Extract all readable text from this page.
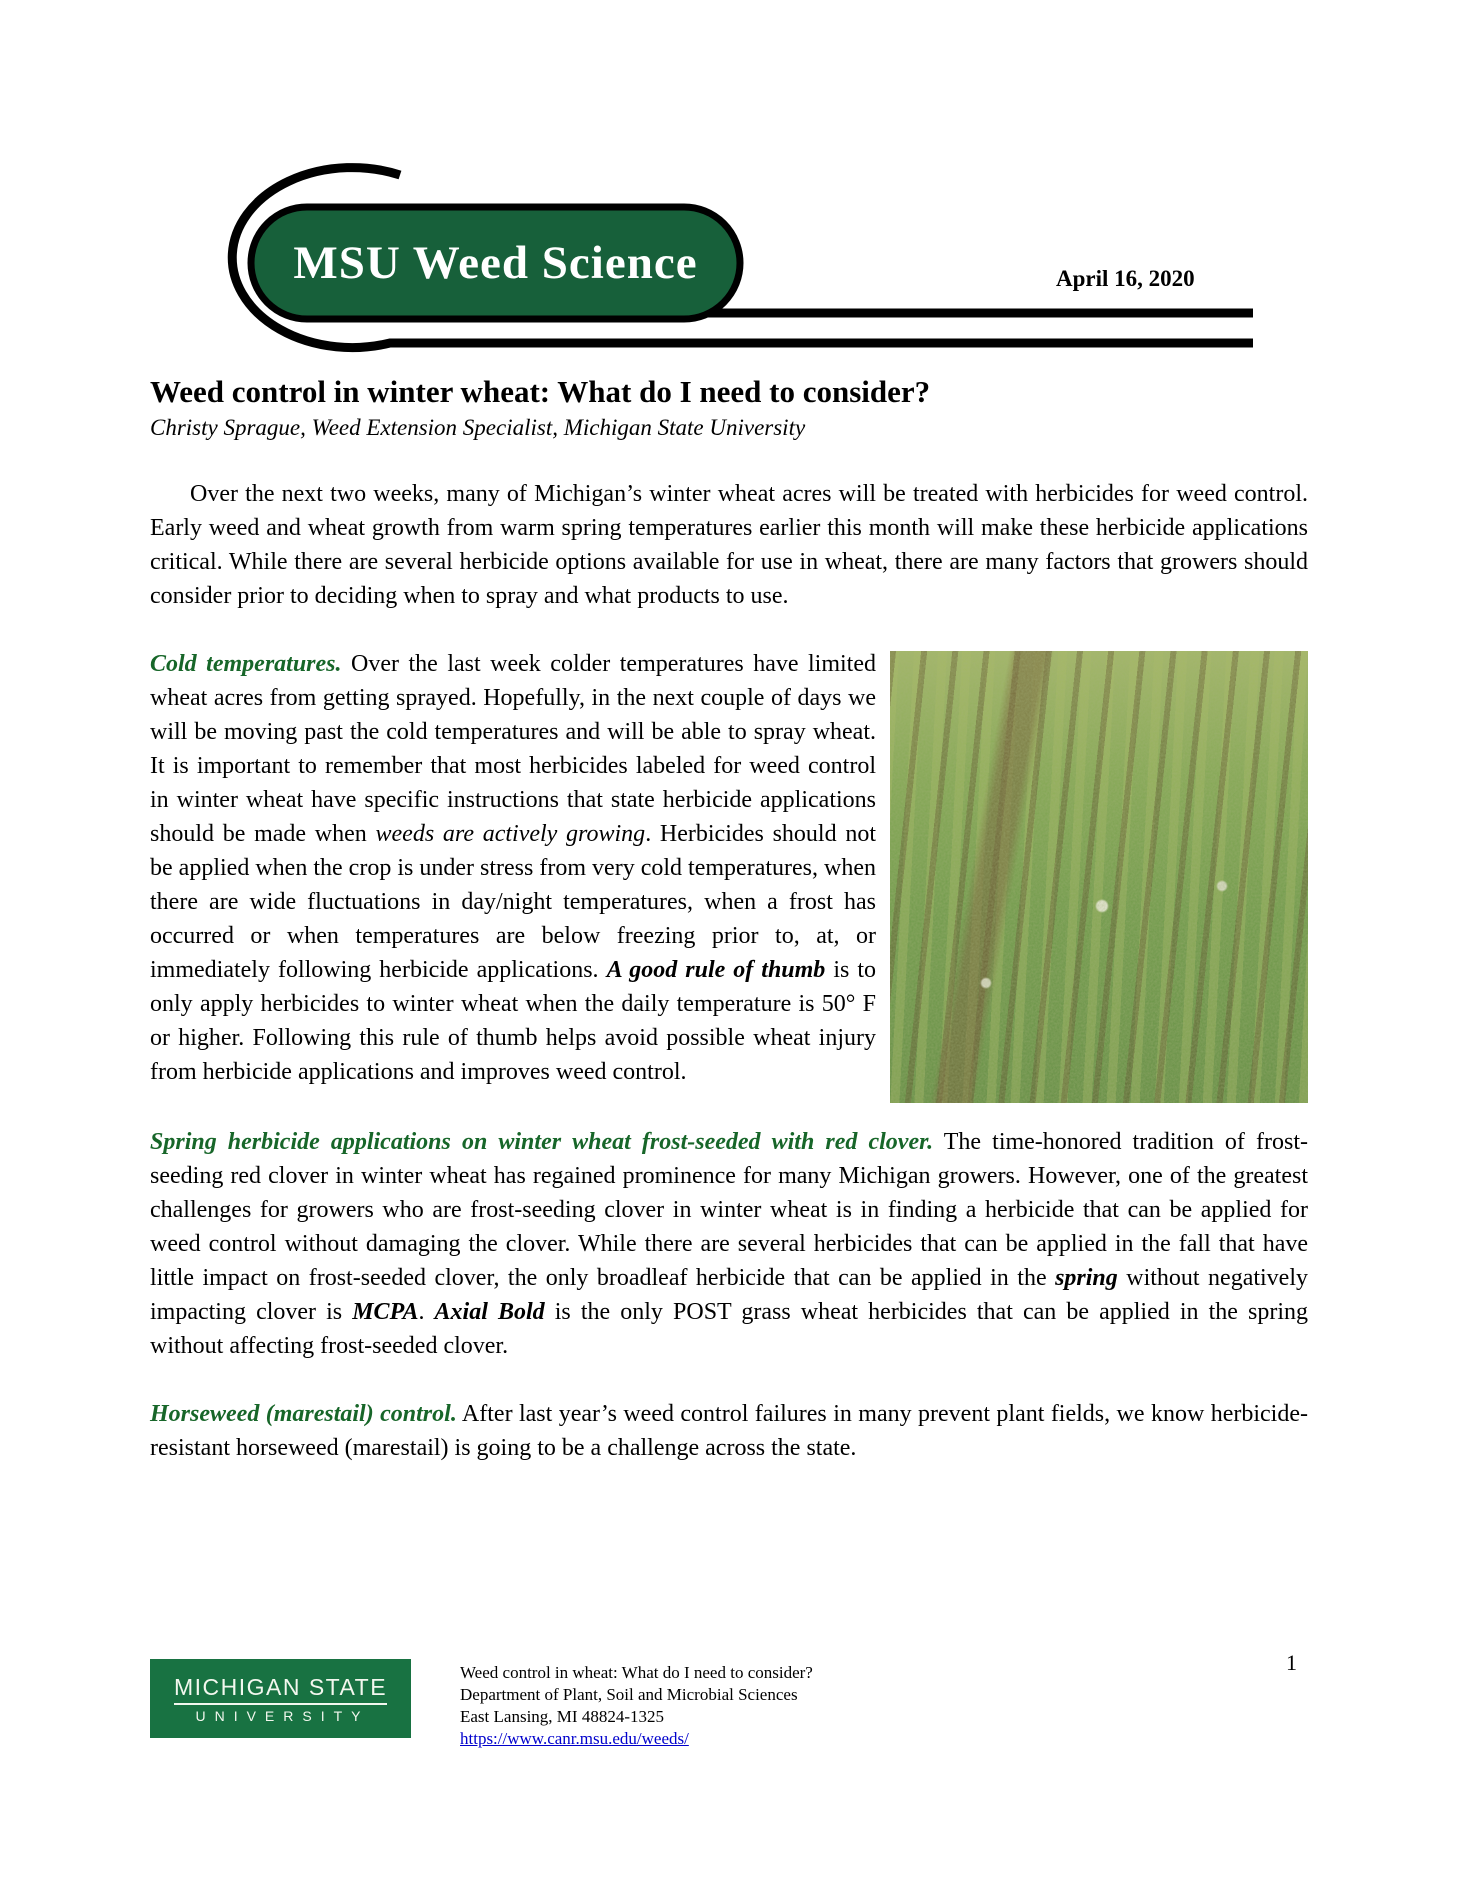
MSU Weed Science	April 16, 2020
Weed control in winter wheat: What do I need to consider?
Christy Sprague, Weed Extension Specialist, Michigan State University

Over the next two weeks, many of Michigan’s winter wheat acres will be treated with herbicides for weed control. Early weed and wheat growth from warm spring temperatures earlier this month will make these herbicide applications critical. While there are several herbicide options available for use in wheat, there are many factors that growers should consider prior to deciding when to spray and what products to use.

Cold temperatures. Over the last week colder temperatures have limited wheat acres from getting sprayed. Hopefully, in the next couple of days we will be moving past the cold temperatures and will be able to spray wheat. It is important to remember that most herbicides labeled for weed control in winter wheat have specific instructions that state herbicide applications should be made when weeds are actively growing. Herbicides should not be applied when the crop is under stress from very cold temperatures, when there are wide fluctuations in day/night temperatures, when a frost has occurred or when temperatures are below freezing prior to, at, or immediately following herbicide applications. A good rule of thumb is to only apply herbicides to winter wheat when the daily temperature is 50° F or higher. Following this rule of thumb helps avoid possible wheat injury from herbicide applications and improves weed control.

Spring herbicide applications on winter wheat frost-seeded with red clover. The time-honored tradition of frost-seeding red clover in winter wheat has regained prominence for many Michigan growers. However, one of the greatest challenges for growers who are frost-seeding clover in winter wheat is in finding a herbicide that can be applied for weed control without damaging the clover. While there are several herbicides that can be applied in the fall that have little impact on frost-seeded clover, the only broadleaf herbicide that can be applied in the spring without negatively impacting clover is MCPA. Axial Bold is the only POST grass wheat herbicides that can be applied in the spring without affecting frost-seeded clover.

Horseweed (marestail) control. After last year’s weed control failures in many prevent plant fields, we know herbicide-resistant horseweed (marestail) is going to be a challenge across the state.

MICHIGAN STATE
UNIVERSITY
Weed control in wheat: What do I need to consider?
Department of Plant, Soil and Microbial Sciences
East Lansing, MI 48824-1325
https://www.canr.msu.edu/weeds/
1
